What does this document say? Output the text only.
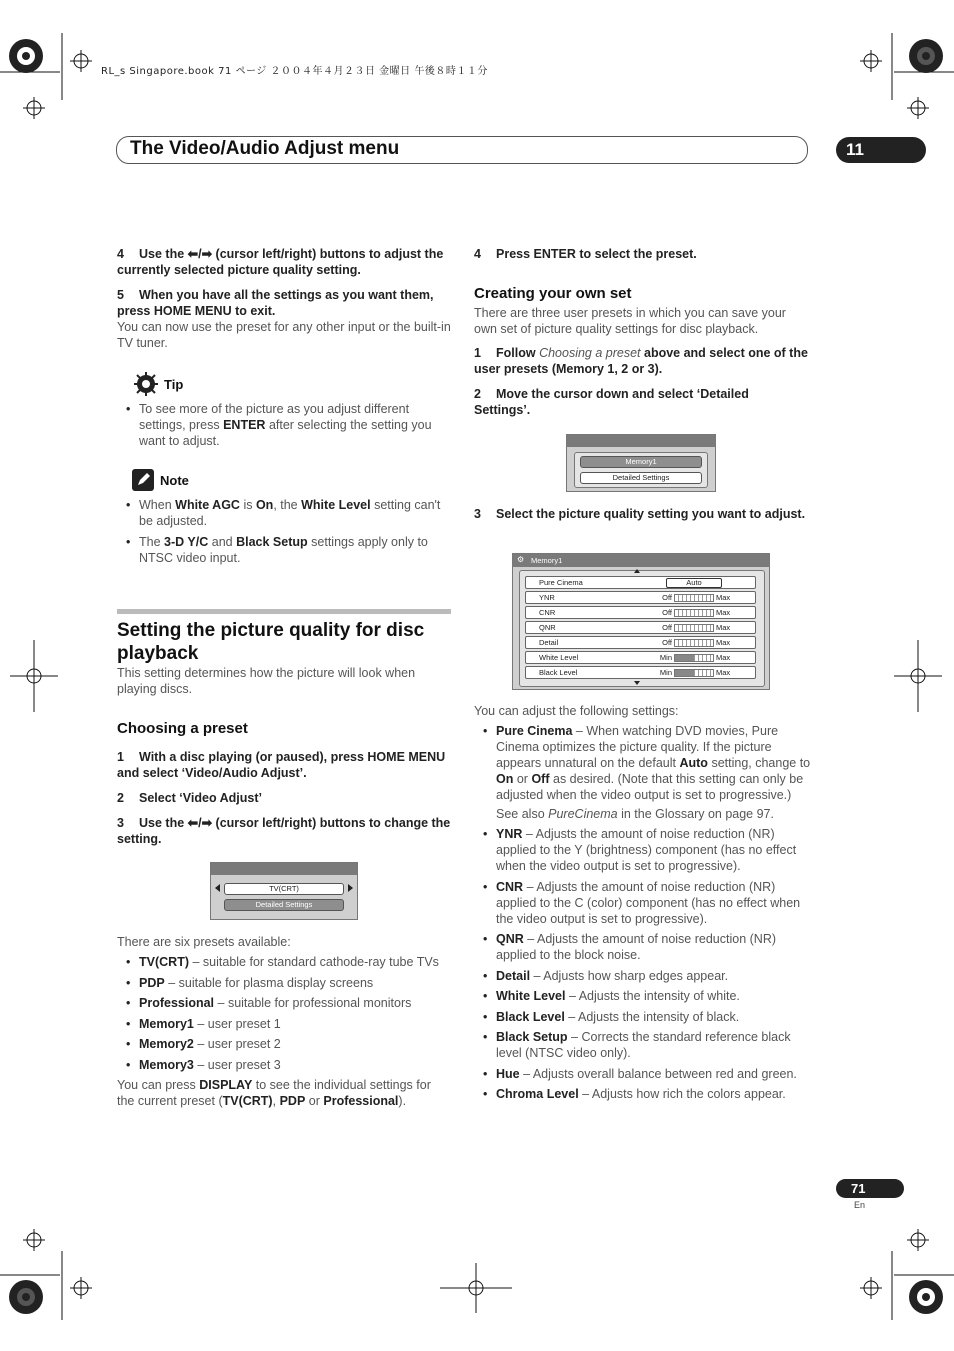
RL_s Singapore.book 71 ページ ２００４年４月２３日 金曜日 午後８時１１分
The Video/Audio Adjust menu	11
4 Use the ⬅/➡ (cursor left/right) buttons to adjust the currently selected picture quality setting.
5 When you have all the settings as you want them, press HOME MENU to exit.
You can now use the preset for any other input or the built-in TV tuner.
Tip
• To see more of the picture as you adjust different settings, press ENTER after selecting the setting you want to adjust.
Note
• When White AGC is On, the White Level setting can't be adjusted.
• The 3-D Y/C and Black Setup settings apply only to NTSC video input.
Setting the picture quality for disc playback
This setting determines how the picture will look when playing discs.
Choosing a preset
1 With a disc playing (or paused), press HOME MENU and select ‘Video/Audio Adjust’.
2 Select ‘Video Adjust’
3 Use the ⬅/➡ (cursor left/right) buttons to change the setting.
TV(CRT)
Detailed Settings
There are six presets available:
• TV(CRT) – suitable for standard cathode-ray tube TVs
• PDP – suitable for plasma display screens
• Professional – suitable for professional monitors
• Memory1 – user preset 1
• Memory2 – user preset 2
• Memory3 – user preset 3
You can press DISPLAY to see the individual settings for the current preset (TV(CRT), PDP or Professional).
4 Press ENTER to select the preset.
Creating your own set
There are three user presets in which you can save your own set of picture quality settings for disc playback.
1 Follow Choosing a preset above and select one of the user presets (Memory 1, 2 or 3).
2 Move the cursor down and select ‘Detailed Settings’.
Memory1
Detailed Settings
3 Select the picture quality setting you want to adjust.
⚙ Memory1
Pure Cinema	Auto
YNR	Off	Max
CNR	Off	Max
QNR	Off	Max
Detail	Off	Max
White Level	Min	Max
Black Level	Min	Max
You can adjust the following settings:
• Pure Cinema – When watching DVD movies, Pure Cinema optimizes the picture quality. If the picture appears unnatural on the default Auto setting, change to On or Off as desired. (Note that this setting can only be adjusted when the video output is set to progressive.)
See also PureCinema in the Glossary on page 97.
• YNR – Adjusts the amount of noise reduction (NR) applied to the Y (brightness) component (has no effect when the video output is set to progressive).
• CNR – Adjusts the amount of noise reduction (NR) applied to the C (color) component (has no effect when the video output is set to progressive).
• QNR – Adjusts the amount of noise reduction (NR) applied to the block noise.
• Detail – Adjusts how sharp edges appear.
• White Level – Adjusts the intensity of white.
• Black Level – Adjusts the intensity of black.
• Black Setup – Corrects the standard reference black level (NTSC video only).
• Hue – Adjusts overall balance between red and green.
• Chroma Level – Adjusts how rich the colors appear.
71
En
